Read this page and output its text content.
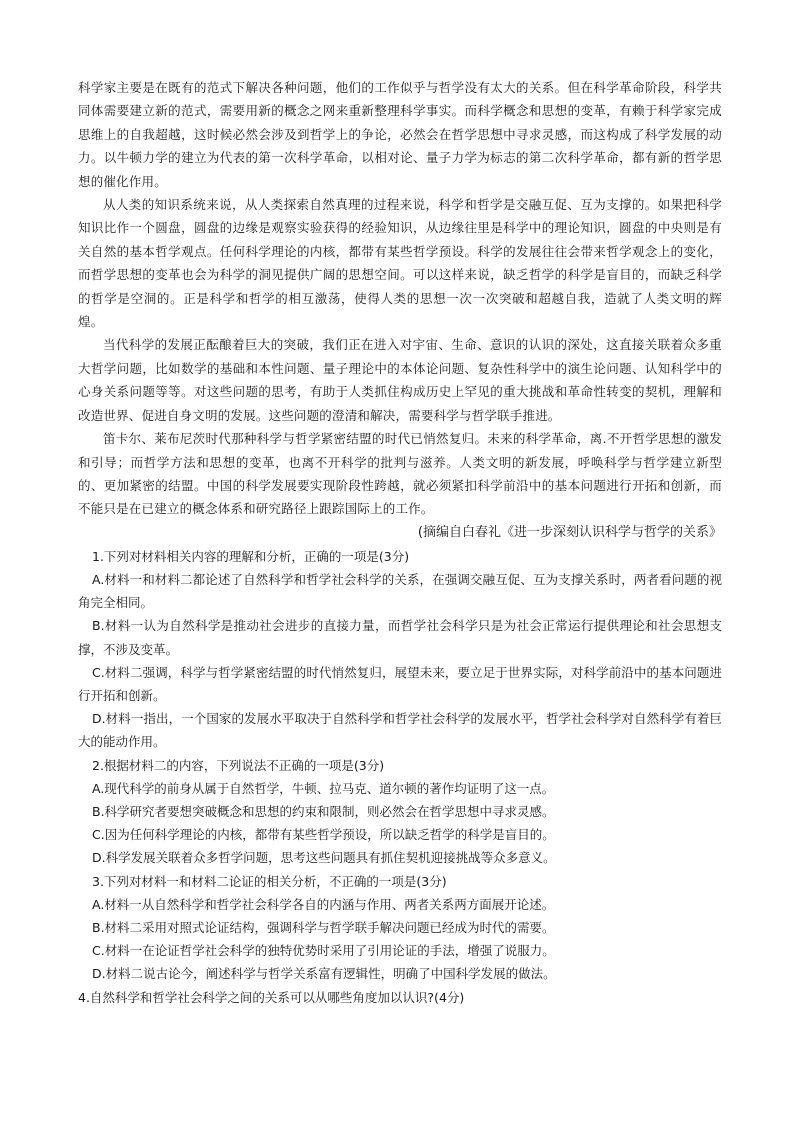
科学家主要是在既有的范式下解决各种问题，他们的工作似乎与哲学没有太大的关系。但在科学革命阶段，科学共同体需要建立新的范式，需要用新的概念之网来重新整理科学事实。而科学概念和思想的变革，有赖于科学家完成思维上的自我超越，这时候必然会涉及到哲学上的争论，必然会在哲学思想中寻求灵感，而这构成了科学发展的动力。以牛顿力学的建立为代表的第一次科学革命，以相对论、量子力学为标志的第二次科学革命，都有新的哲学思想的催化作用。

从人类的知识系统来说，从人类探索自然真理的过程来说，科学和哲学是交融互促、互为支撑的。如果把科学知识比作一个圆盘，圆盘的边缘是观察实验获得的经验知识，从边缘往里是科学中的理论知识，圆盘的中央则是有关自然的基本哲学观点。任何科学理论的内核，都带有某些哲学预设。科学的发展往往会带来哲学观念上的变化，而哲学思想的变革也会为科学的洞见提供广阔的思想空间。可以这样来说，缺乏哲学的科学是盲目的，而缺乏科学的哲学是空洞的。正是科学和哲学的相互激荡，使得人类的思想一次一次突破和超越自我，造就了人类文明的辉煌。

当代科学的发展正酝酿着巨大的突破，我们正在进入对宇宙、生命、意识的认识的深处，这直接关联着众多重大哲学问题，比如数学的基础和本性问题、量子理论中的本体论问题、复杂性科学中的演生论问题、认知科学中的心身关系问题等等。对这些问题的思考，有助于人类抓住构成历史上罕见的重大挑战和革命性转变的契机，理解和改造世界、促进自身文明的发展。这些问题的澄清和解决，需要科学与哲学联手推进。

笛卡尔、莱布尼茨时代那种科学与哲学紧密结盟的时代已悄然复归。未来的科学革命，离.不开哲学思想的激发和引导；而哲学方法和思想的变革，也离不开科学的批判与滋养。人类文明的新发展，呼唤科学与哲学建立新型的、更加紧密的结盟。中国的科学发展要实现阶段性跨越，就必须紧扣科学前沿中的基本问题进行开拓和创新，而不能只是在已建立的概念体系和研究路径上跟踪国际上的工作。

(摘编自白春礼《进一步深刻认识科学与哲学的关系》

1.下列对材料相关内容的理解和分析，正确的一项是(3分)

A.材料一和材料二都论述了自然科学和哲学社会科学的关系，在强调交融互促、互为支撑关系时，两者看问题的视角完全相同。

B.材料一认为自然科学是推动社会进步的直接力量，而哲学社会科学只是为社会正常运行提供理论和社会思想支撑，不涉及变革。

C.材料二强调，科学与哲学紧密结盟的时代悄然复归，展望未来，要立足于世界实际，对科学前沿中的基本问题进行开拓和创新。

D.材料一指出，一个国家的发展水平取决于自然科学和哲学社会科学的发展水平，哲学社会科学对自然科学有着巨大的能动作用。

2.根据材料二的内容，下列说法不正确的一项是(3分)

A.现代科学的前身从属于自然哲学，牛顿、拉马克、道尔顿的著作均证明了这一点。

B.科学研究者要想突破概念和思想的约束和限制，则必然会在哲学思想中寻求灵感。

C.因为任何科学理论的内核，都带有某些哲学预设，所以缺乏哲学的科学是盲目的。

D.科学发展关联着众多哲学问题，思考这些问题具有抓住契机迎接挑战等众多意义。

3.下列对材料一和材料二论证的相关分析，不正确的一项是(3分)

A.材料一从自然科学和哲学社会科学各自的内涵与作用、两者关系两方面展开论述。

B.材料二采用对照式论证结构，强调科学与哲学联手解决问题已经成为时代的需要。

C.材料一在论证哲学社会科学的独特优势时采用了引用论证的手法，增强了说服力。

D.材料二说古论今，阐述科学与哲学关系富有逻辑性，明确了中国科学发展的做法。

4.自然科学和哲学社会科学之间的关系可以从哪些角度加以认识?(4分)
